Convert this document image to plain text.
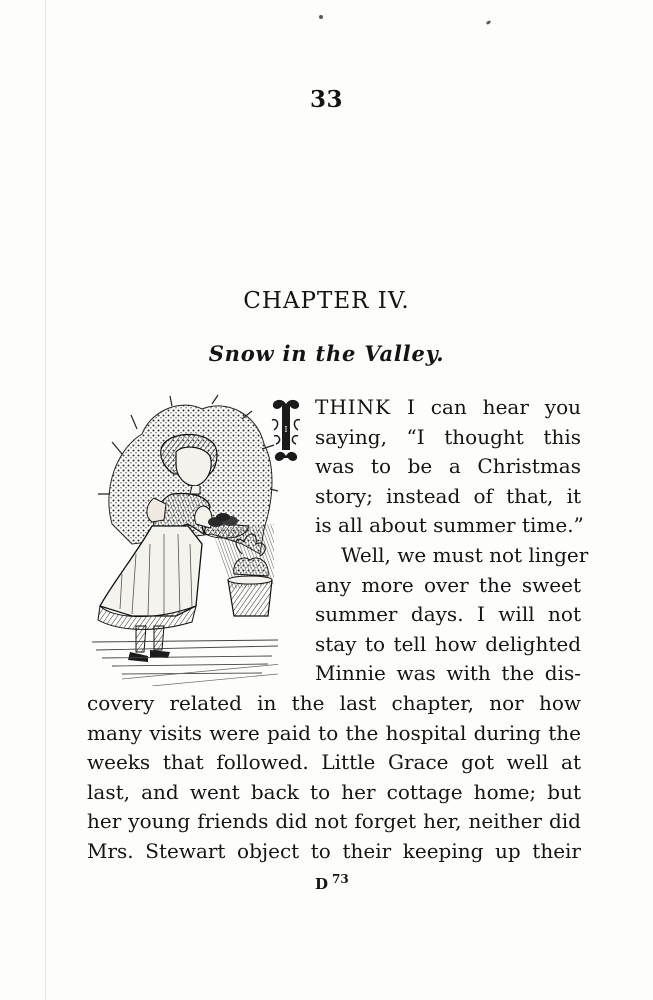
33
CHAPTER IV.
Snow in the Valley.
I
THINK I can hear you
saying, “I thought this
was to be a Christmas
story; instead of that, it
is all about summer time.”
Well, we must not linger
any more over the sweet
summer days. I will not
stay to tell how delighted
Minnie was with the dis-
covery related in the last chapter, nor how
many visits were paid to the hospital during the
weeks that followed. Little Grace got well at
last, and went back to her cottage home; but
her young friends did not forget her, neither did
Mrs. Stewart object to their keeping up their
D $^{73}$
